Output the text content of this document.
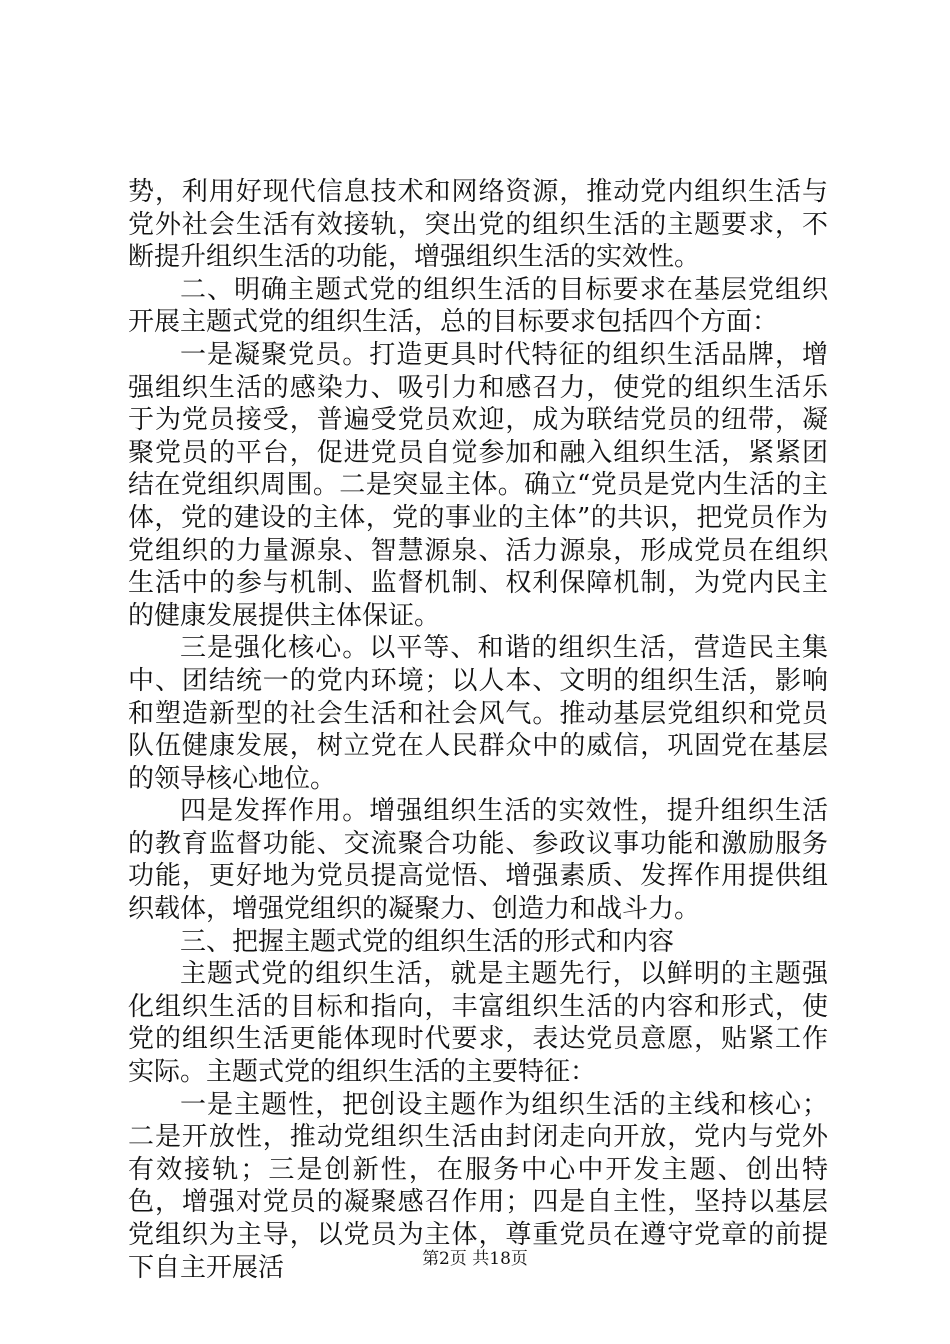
势，利用好现代信息技术和网络资源，推动党内组织生活与党外社会生活有效接轨，突出党的组织生活的主题要求，不断提升组织生活的功能，增强组织生活的实效性。

二、明确主题式党的组织生活的目标要求在基层党组织开展主题式党的组织生活，总的目标要求包括四个方面：

一是凝聚党员。打造更具时代特征的组织生活品牌，增强组织生活的感染力、吸引力和感召力，使党的组织生活乐于为党员接受，普遍受党员欢迎，成为联结党员的纽带，凝聚党员的平台，促进党员自觉参加和融入组织生活，紧紧团结在党组织周围。二是突显主体。确立“党员是党内生活的主体，党的建设的主体，党的事业的主体”的共识，把党员作为党组织的力量源泉、智慧源泉、活力源泉，形成党员在组织生活中的参与机制、监督机制、权利保障机制，为党内民主的健康发展提供主体保证。

三是强化核心。以平等、和谐的组织生活，营造民主集中、团结统一的党内环境；以人本、文明的组织生活，影响和塑造新型的社会生活和社会风气。推动基层党组织和党员队伍健康发展，树立党在人民群众中的威信，巩固党在基层的领导核心地位。

四是发挥作用。增强组织生活的实效性，提升组织生活的教育监督功能、交流聚合功能、参政议事功能和激励服务功能，更好地为党员提高觉悟、增强素质、发挥作用提供组织载体，增强党组织的凝聚力、创造力和战斗力。

三、把握主题式党的组织生活的形式和内容

主题式党的组织生活，就是主题先行，以鲜明的主题强化组织生活的目标和指向，丰富组织生活的内容和形式，使党的组织生活更能体现时代要求，表达党员意愿，贴紧工作实际。主题式党的组织生活的主要特征：

一是主题性，把创设主题作为组织生活的主线和核心；二是开放性，推动党组织生活由封闭走向开放，党内与党外有效接轨；三是创新性，在服务中心中开发主题、创出特色，增强对党员的凝聚感召作用；四是自主性，坚持以基层党组织为主导，以党员为主体，尊重党员在遵守党章的前提下自主开展活	第2页 共18页
